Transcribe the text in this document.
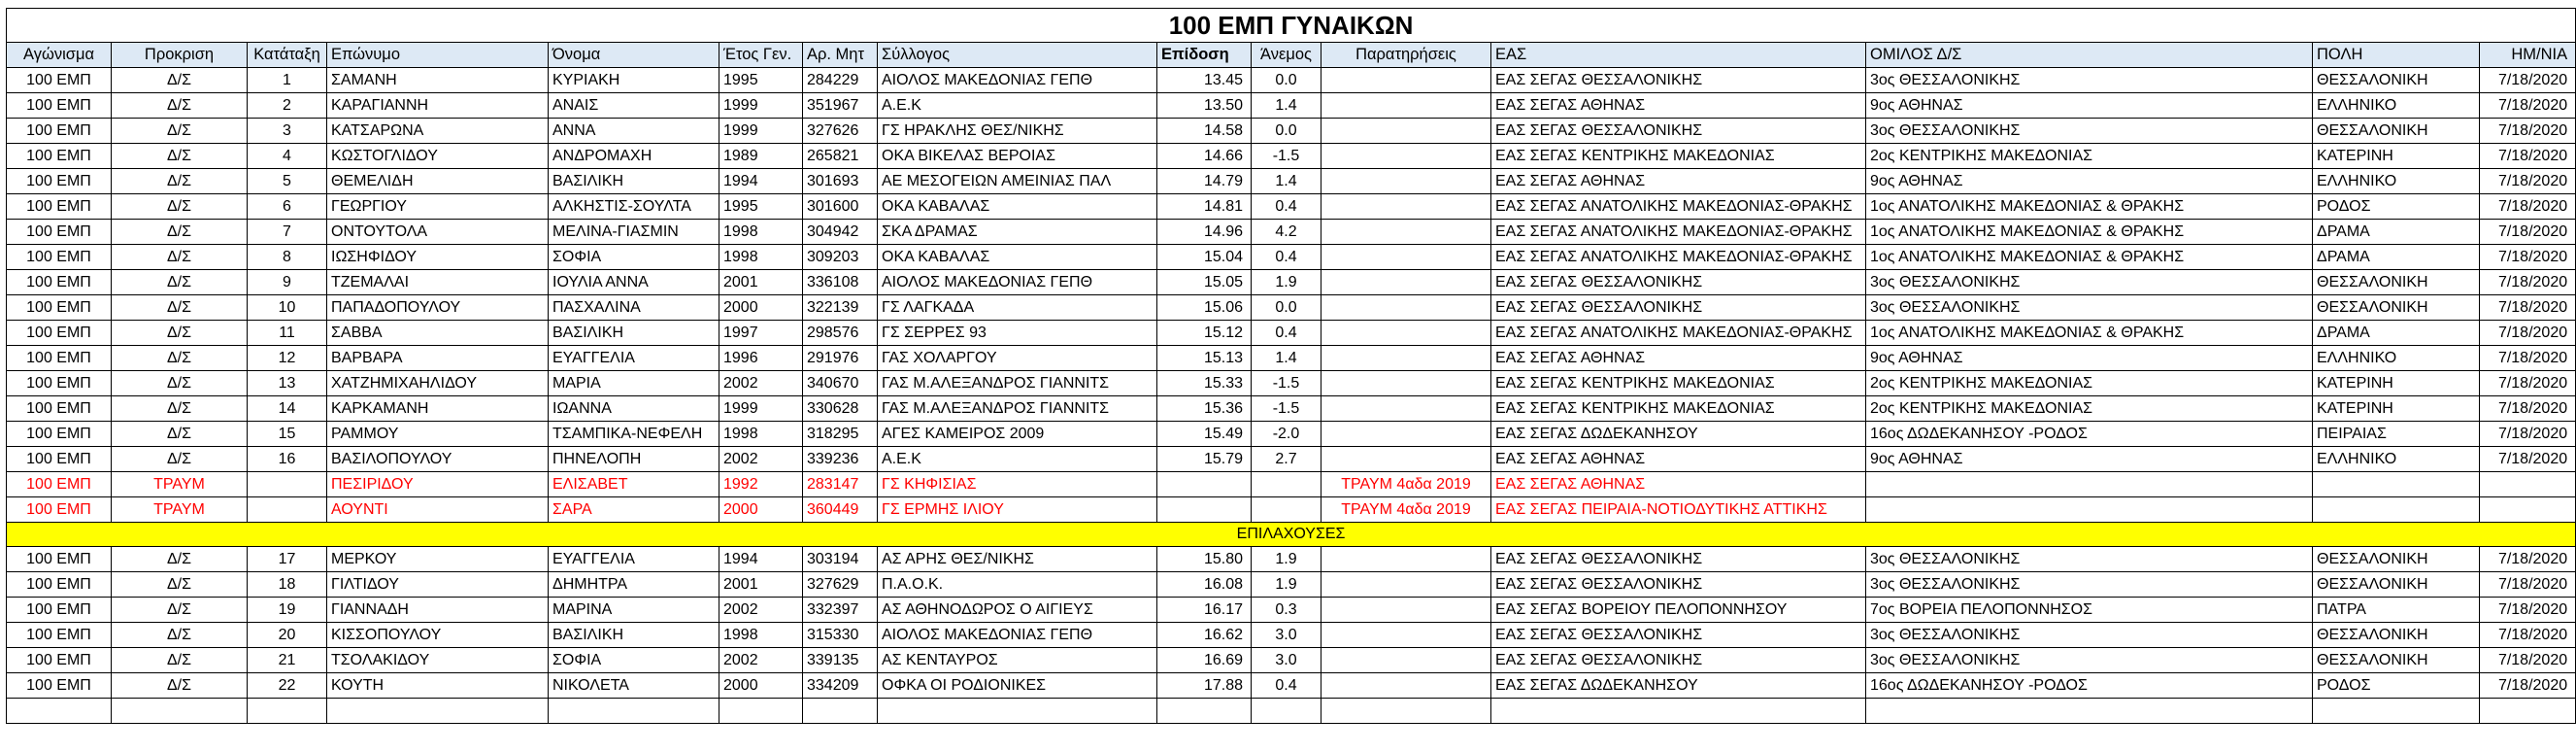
100 ΕΜΠ ΓΥΝΑΙΚΩΝ														
Αγώνισμα	Προκριση	Κατάταξη	Επώνυμο	Όνομα	Έτος Γεν.	Αρ. Μητ	Σύλλογος	Επίδοση	Άνεμος	Παρατηρήσεις	ΕΑΣ	ΟΜΙΛΟΣ Δ/Σ	ΠΟΛΗ	ΗΜ/ΝΙΑ
100 ΕΜΠ	Δ/Σ	1	ΣΑΜΑΝΗ	ΚΥΡΙΑΚΗ	1995	284229	ΑΙΟΛΟΣ ΜΑΚΕΔΟΝΙΑΣ ΓΕΠΘ	13.45	0.0		ΕΑΣ ΣΕΓΑΣ ΘΕΣΣΑΛΟΝΙΚΗΣ	3ος ΘΕΣΣΑΛΟΝΙΚΗΣ	ΘΕΣΣΑΛΟΝΙΚΗ	7/18/2020
100 ΕΜΠ	Δ/Σ	2	ΚΑΡΑΓΙΑΝΝΗ	ΑΝΑΙΣ	1999	351967	Α.Ε.Κ	13.50	1.4		ΕΑΣ ΣΕΓΑΣ ΑΘΗΝΑΣ	9ος ΑΘΗΝΑΣ	ΕΛΛΗΝΙΚΟ	7/18/2020
100 ΕΜΠ	Δ/Σ	3	ΚΑΤΣΑΡΩΝΑ	ΑΝΝΑ	1999	327626	ΓΣ ΗΡΑΚΛΗΣ ΘΕΣ/ΝΙΚΗΣ	14.58	0.0		ΕΑΣ ΣΕΓΑΣ ΘΕΣΣΑΛΟΝΙΚΗΣ	3ος ΘΕΣΣΑΛΟΝΙΚΗΣ	ΘΕΣΣΑΛΟΝΙΚΗ	7/18/2020
100 ΕΜΠ	Δ/Σ	4	ΚΩΣΤΟΓΛΙΔΟΥ	ΑΝΔΡΟΜΑΧΗ	1989	265821	ΟΚΑ ΒΙΚΕΛΑΣ ΒΕΡΟΙΑΣ	14.66	-1.5		ΕΑΣ ΣΕΓΑΣ ΚΕΝΤΡΙΚΗΣ ΜΑΚΕΔΟΝΙΑΣ	2ος ΚΕΝΤΡΙΚΗΣ ΜΑΚΕΔΟΝΙΑΣ	ΚΑΤΕΡΙΝΗ	7/18/2020
100 ΕΜΠ	Δ/Σ	5	ΘΕΜΕΛΙΔΗ	ΒΑΣΙΛΙΚΗ	1994	301693	ΑΕ ΜΕΣΟΓΕΙΩΝ ΑΜΕΙΝΙΑΣ ΠΑΛ	14.79	1.4		ΕΑΣ ΣΕΓΑΣ ΑΘΗΝΑΣ	9ος ΑΘΗΝΑΣ	ΕΛΛΗΝΙΚΟ	7/18/2020
100 ΕΜΠ	Δ/Σ	6	ΓΕΩΡΓΙΟΥ	ΑΛΚΗΣΤΙΣ-ΣΟΥΛΤΑ	1995	301600	ΟΚΑ ΚΑΒΑΛΑΣ	14.81	0.4		ΕΑΣ ΣΕΓΑΣ ΑΝΑΤΟΛΙΚΗΣ ΜΑΚΕΔΟΝΙΑΣ-ΘΡΑΚΗΣ	1ος ΑΝΑΤΟΛΙΚΗΣ ΜΑΚΕΔΟΝΙΑΣ & ΘΡΑΚΗΣ	ΡΟΔΟΣ	7/18/2020
100 ΕΜΠ	Δ/Σ	7	ΟΝΤΟΥΤΟΛΑ	ΜΕΛΙΝΑ-ΓΙΑΣΜΙΝ	1998	304942	ΣΚΑ ΔΡΑΜΑΣ	14.96	4.2		ΕΑΣ ΣΕΓΑΣ ΑΝΑΤΟΛΙΚΗΣ ΜΑΚΕΔΟΝΙΑΣ-ΘΡΑΚΗΣ	1ος ΑΝΑΤΟΛΙΚΗΣ ΜΑΚΕΔΟΝΙΑΣ & ΘΡΑΚΗΣ	ΔΡΑΜΑ	7/18/2020
100 ΕΜΠ	Δ/Σ	8	ΙΩΣΗΦΙΔΟΥ	ΣΟΦΙΑ	1998	309203	ΟΚΑ ΚΑΒΑΛΑΣ	15.04	0.4		ΕΑΣ ΣΕΓΑΣ ΑΝΑΤΟΛΙΚΗΣ ΜΑΚΕΔΟΝΙΑΣ-ΘΡΑΚΗΣ	1ος ΑΝΑΤΟΛΙΚΗΣ ΜΑΚΕΔΟΝΙΑΣ & ΘΡΑΚΗΣ	ΔΡΑΜΑ	7/18/2020
100 ΕΜΠ	Δ/Σ	9	ΤΖΕΜΑΛΑΙ	ΙΟΥΛΙΑ ΑΝΝΑ	2001	336108	ΑΙΟΛΟΣ ΜΑΚΕΔΟΝΙΑΣ ΓΕΠΘ	15.05	1.9		ΕΑΣ ΣΕΓΑΣ ΘΕΣΣΑΛΟΝΙΚΗΣ	3ος ΘΕΣΣΑΛΟΝΙΚΗΣ	ΘΕΣΣΑΛΟΝΙΚΗ	7/18/2020
100 ΕΜΠ	Δ/Σ	10	ΠΑΠΑΔΟΠΟΥΛΟΥ	ΠΑΣΧΑΛΙΝΑ	2000	322139	ΓΣ ΛΑΓΚΑΔΑ	15.06	0.0		ΕΑΣ ΣΕΓΑΣ ΘΕΣΣΑΛΟΝΙΚΗΣ	3ος ΘΕΣΣΑΛΟΝΙΚΗΣ	ΘΕΣΣΑΛΟΝΙΚΗ	7/18/2020
100 ΕΜΠ	Δ/Σ	11	ΣΑΒΒΑ	ΒΑΣΙΛΙΚΗ	1997	298576	ΓΣ ΣΕΡΡΕΣ 93	15.12	0.4		ΕΑΣ ΣΕΓΑΣ ΑΝΑΤΟΛΙΚΗΣ ΜΑΚΕΔΟΝΙΑΣ-ΘΡΑΚΗΣ	1ος ΑΝΑΤΟΛΙΚΗΣ ΜΑΚΕΔΟΝΙΑΣ & ΘΡΑΚΗΣ	ΔΡΑΜΑ	7/18/2020
100 ΕΜΠ	Δ/Σ	12	ΒΑΡΒΑΡΑ	ΕΥΑΓΓΕΛΙΑ	1996	291976	ΓΑΣ ΧΟΛΑΡΓΟΥ	15.13	1.4		ΕΑΣ ΣΕΓΑΣ ΑΘΗΝΑΣ	9ος ΑΘΗΝΑΣ	ΕΛΛΗΝΙΚΟ	7/18/2020
100 ΕΜΠ	Δ/Σ	13	ΧΑΤΖΗΜΙΧΑΗΛΙΔΟΥ	ΜΑΡΙΑ	2002	340670	ΓΑΣ Μ.ΑΛΕΞΑΝΔΡΟΣ ΓΙΑΝΝΙΤΣ	15.33	-1.5		ΕΑΣ ΣΕΓΑΣ ΚΕΝΤΡΙΚΗΣ ΜΑΚΕΔΟΝΙΑΣ	2ος ΚΕΝΤΡΙΚΗΣ ΜΑΚΕΔΟΝΙΑΣ	ΚΑΤΕΡΙΝΗ	7/18/2020
100 ΕΜΠ	Δ/Σ	14	ΚΑΡΚΑΜΑΝΗ	ΙΩΑΝΝΑ	1999	330628	ΓΑΣ Μ.ΑΛΕΞΑΝΔΡΟΣ ΓΙΑΝΝΙΤΣ	15.36	-1.5		ΕΑΣ ΣΕΓΑΣ ΚΕΝΤΡΙΚΗΣ ΜΑΚΕΔΟΝΙΑΣ	2ος ΚΕΝΤΡΙΚΗΣ ΜΑΚΕΔΟΝΙΑΣ	ΚΑΤΕΡΙΝΗ	7/18/2020
100 ΕΜΠ	Δ/Σ	15	ΡΑΜΜΟΥ	ΤΣΑΜΠΙΚΑ-ΝΕΦΕΛΗ	1998	318295	ΑΓΕΣ ΚΑΜΕΙΡΟΣ 2009	15.49	-2.0		ΕΑΣ ΣΕΓΑΣ ΔΩΔΕΚΑΝΗΣΟΥ	16ος ΔΩΔΕΚΑΝΗΣΟΥ -ΡΟΔΟΣ	ΠΕΙΡΑΙΑΣ	7/18/2020
100 ΕΜΠ	Δ/Σ	16	ΒΑΣΙΛΟΠΟΥΛΟΥ	ΠΗΝΕΛΟΠΗ	2002	339236	Α.Ε.Κ	15.79	2.7		ΕΑΣ ΣΕΓΑΣ ΑΘΗΝΑΣ	9ος ΑΘΗΝΑΣ	ΕΛΛΗΝΙΚΟ	7/18/2020
100 ΕΜΠ	ΤΡΑΥΜ		ΠΕΣΙΡΙΔΟΥ	ΕΛΙΣΑΒΕΤ	1992	283147	ΓΣ ΚΗΦΙΣΙΑΣ			ΤΡΑΥΜ 4αδα 2019	ΕΑΣ ΣΕΓΑΣ ΑΘΗΝΑΣ			
100 ΕΜΠ	ΤΡΑΥΜ		ΑΟΥΝΤΙ	ΣΑΡΑ	2000	360449	ΓΣ ΕΡΜΗΣ ΙΛΙΟΥ			ΤΡΑΥΜ 4αδα 2019	ΕΑΣ ΣΕΓΑΣ ΠΕΙΡΑΙΑ-ΝΟΤΙΟΔΥΤΙΚΗΣ ΑΤΤΙΚΗΣ			
ΕΠΙΛΑΧΟΥΣΕΣ														
100 ΕΜΠ	Δ/Σ	17	ΜΕΡΚΟΥ	ΕΥΑΓΓΕΛΙΑ	1994	303194	ΑΣ ΑΡΗΣ ΘΕΣ/ΝΙΚΗΣ	15.80	1.9		ΕΑΣ ΣΕΓΑΣ ΘΕΣΣΑΛΟΝΙΚΗΣ	3ος ΘΕΣΣΑΛΟΝΙΚΗΣ	ΘΕΣΣΑΛΟΝΙΚΗ	7/18/2020
100 ΕΜΠ	Δ/Σ	18	ΓΙΛΤΙΔΟΥ	ΔΗΜΗΤΡΑ	2001	327629	Π.Α.Ο.Κ.	16.08	1.9		ΕΑΣ ΣΕΓΑΣ ΘΕΣΣΑΛΟΝΙΚΗΣ	3ος ΘΕΣΣΑΛΟΝΙΚΗΣ	ΘΕΣΣΑΛΟΝΙΚΗ	7/18/2020
100 ΕΜΠ	Δ/Σ	19	ΓΙΑΝΝΑΔΗ	ΜΑΡΙΝΑ	2002	332397	ΑΣ ΑΘΗΝΟΔΩΡΟΣ Ο ΑΙΓΙΕΥΣ	16.17	0.3		ΕΑΣ ΣΕΓΑΣ ΒΟΡΕΙΟΥ ΠΕΛΟΠΟΝΝΗΣΟΥ	7ος ΒΟΡΕΙΑ ΠΕΛΟΠΟΝΝΗΣΟΣ	ΠΑΤΡΑ	7/18/2020
100 ΕΜΠ	Δ/Σ	20	ΚΙΣΣΟΠΟΥΛΟΥ	ΒΑΣΙΛΙΚΗ	1998	315330	ΑΙΟΛΟΣ ΜΑΚΕΔΟΝΙΑΣ ΓΕΠΘ	16.62	3.0		ΕΑΣ ΣΕΓΑΣ ΘΕΣΣΑΛΟΝΙΚΗΣ	3ος ΘΕΣΣΑΛΟΝΙΚΗΣ	ΘΕΣΣΑΛΟΝΙΚΗ	7/18/2020
100 ΕΜΠ	Δ/Σ	21	ΤΣΟΛΑΚΙΔΟΥ	ΣΟΦΙΑ	2002	339135	ΑΣ ΚΕΝΤΑΥΡΟΣ	16.69	3.0		ΕΑΣ ΣΕΓΑΣ ΘΕΣΣΑΛΟΝΙΚΗΣ	3ος ΘΕΣΣΑΛΟΝΙΚΗΣ	ΘΕΣΣΑΛΟΝΙΚΗ	7/18/2020
100 ΕΜΠ	Δ/Σ	22	ΚΟΥΤΗ	ΝΙΚΟΛΕΤΑ	2000	334209	ΟΦΚΑ ΟΙ ΡΟΔΙΟΝΙΚΕΣ	17.88	0.4		ΕΑΣ ΣΕΓΑΣ ΔΩΔΕΚΑΝΗΣΟΥ	16ος ΔΩΔΕΚΑΝΗΣΟΥ -ΡΟΔΟΣ	ΡΟΔΟΣ	7/18/2020
